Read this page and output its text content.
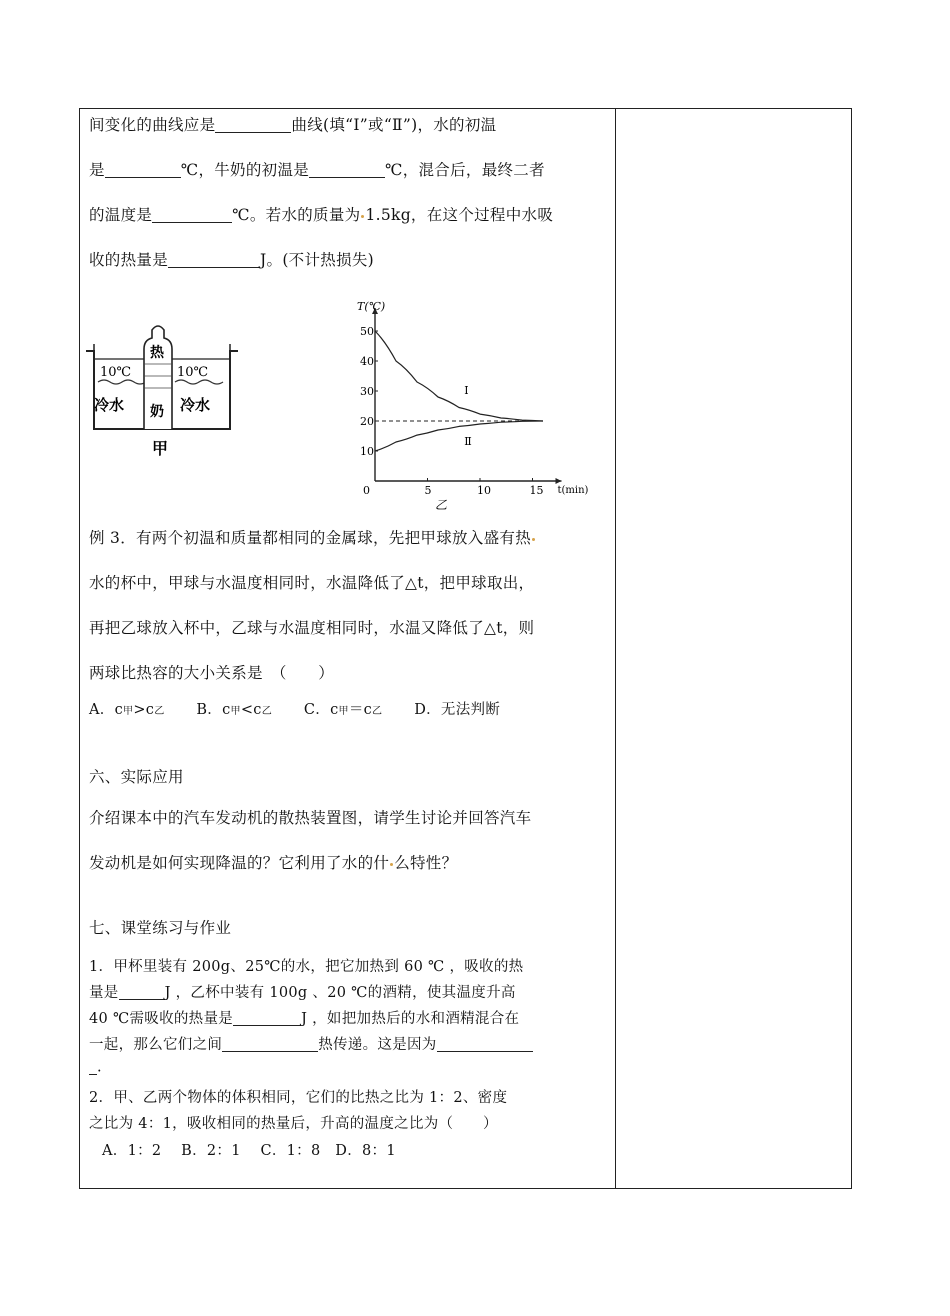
间变化的曲线应是	曲线(填“Ⅰ”或“Ⅱ”)，水的初温
是	℃，牛奶的初温是	℃，混合后，最终二者
的温度是	℃。若水的质量为 1.5kg，在这个过程中水吸
收的热量是	J。(不计热损失)
10℃	10℃
热
奶
冷水	冷水
甲
T(℃)
t(min)
乙
0	5	10	15
10
20
30
40
50
Ⅰ
Ⅱ
例 3．有两个初温和质量都相同的金属球，先把甲球放入盛有热
水的杯中，甲球与水温度相同时，水温降低了△t，把甲球取出，
再把乙球放入杯中，乙球与水温度相同时，水温又降低了△t，则
两球比热容的大小关系是　（　　）
A．c甲>c乙 B．c甲<c乙 C．c甲＝c乙 D．无法判断
六、实际应用
介绍课本中的汽车发动机的散热装置图，请学生讨论并回答汽车
发动机是如何实现降温的？它利用了水的什 么特性？
七、课堂练习与作业
1．甲杯里装有 200g、25℃的水，把它加热到 60 ℃ ，吸收的热
量是	J ，乙杯中装有 100g 、20 ℃的酒精，使其温度升高
40 ℃需吸收的热量是	J ，如把加热后的水和酒精混合在
一起，那么它们之间	热传递。这是因为
.
2．甲、乙两个物体的体积相同，它们的比热之比为 1：2、密度
之比为 4：1，吸收相同的热量后，升高的温度之比为（　　）
A．1：2　 B．2：1　 C．1：8　D．8：1
